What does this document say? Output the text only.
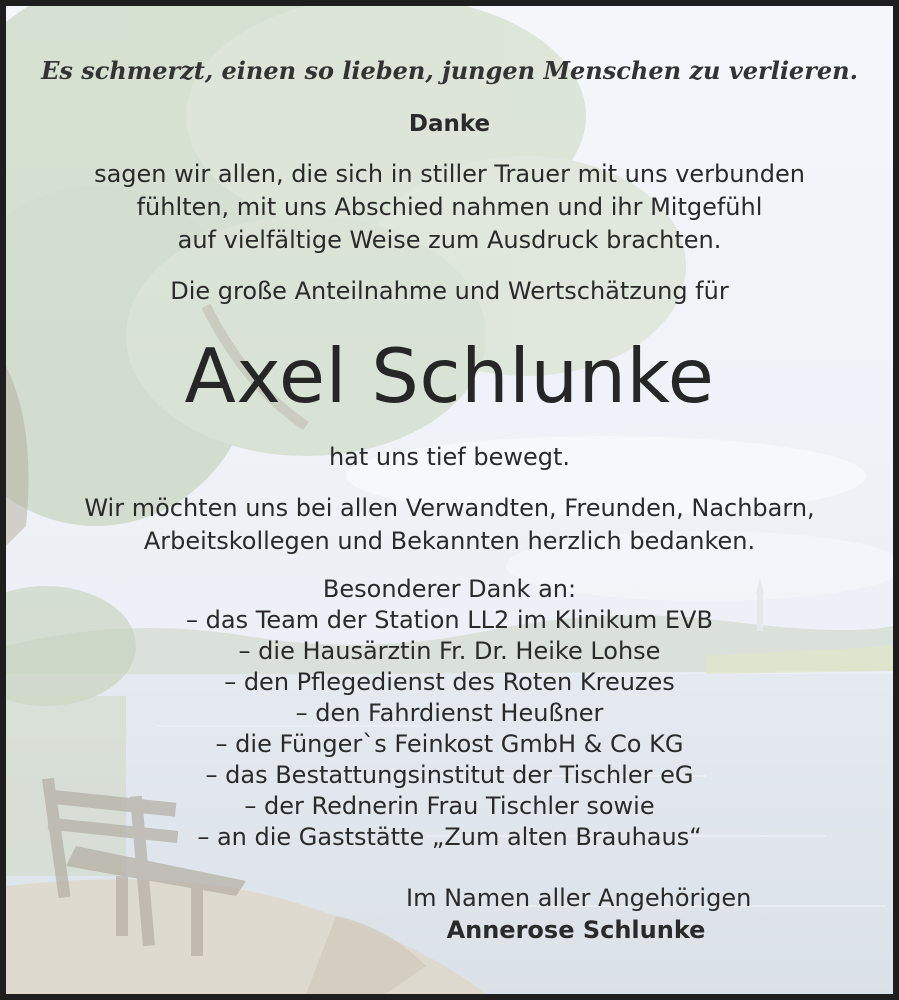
Es schmerzt, einen so lieben, jungen Menschen zu verlieren.
Danke
sagen wir allen, die sich in stiller Trauer mit uns verbunden
fühlten, mit uns Abschied nahmen und ihr Mitgefühl
auf vielfältige Weise zum Ausdruck brachten.
Die große Anteilnahme und Wertschätzung für
Axel Schlunke
hat uns tief bewegt.
Wir möchten uns bei allen Verwandten, Freunden, Nachbarn,
Arbeitskollegen und Bekannten herzlich bedanken.
Besonderer Dank an:
– das Team der Station LL2 im Klinikum EVB
– die Hausärztin Fr. Dr. Heike Lohse
– den Pflegedienst des Roten Kreuzes
– den Fahrdienst Heußner
– die Fünger`s Feinkost GmbH & Co KG
– das Bestattungsinstitut der Tischler eG
– der Rednerin Frau Tischler sowie
– an die Gaststätte „Zum alten Brauhaus“
Im Namen aller Angehörigen
Annerose Schlunke
